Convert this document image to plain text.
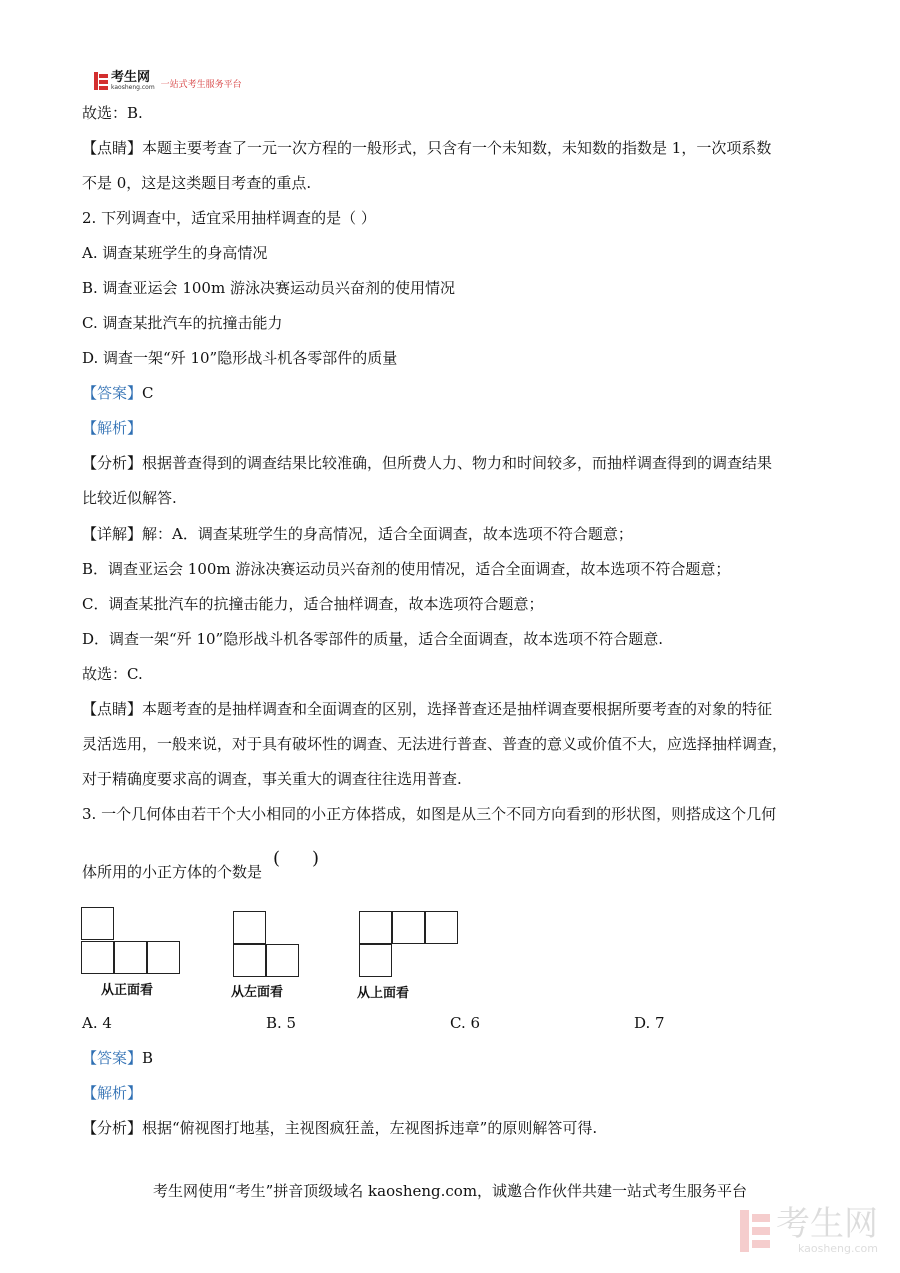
考生网
kaosheng.com 一站式考生服务平台
故选：B.
【点睛】本题主要考查了一元一次方程的一般形式，只含有一个未知数，未知数的指数是 1，一次项系数
不是 0，这是这类题目考查的重点.
2. 下列调查中，适宜采用抽样调查的是（ ）
A. 调查某班学生的身高情况
B. 调查亚运会 100m 游泳决赛运动员兴奋剂的使用情况
C. 调查某批汽车的抗撞击能力
D. 调查一架“歼 10”隐形战斗机各零部件的质量
【答案】C
【解析】
【分析】根据普查得到的调查结果比较准确，但所费人力、物力和时间较多，而抽样调查得到的调查结果
比较近似解答.
【详解】解：A．调查某班学生的身高情况，适合全面调查，故本选项不符合题意；
B．调查亚运会 100m 游泳决赛运动员兴奋剂的使用情况，适合全面调查，故本选项不符合题意；
C．调查某批汽车的抗撞击能力，适合抽样调查，故本选项符合题意；
D．调查一架“歼 10”隐形战斗机各零部件的质量，适合全面调查，故本选项不符合题意.
故选：C.
【点睛】本题考查的是抽样调查和全面调查的区别，选择普查还是抽样调查要根据所要考查的对象的特征
灵活选用，一般来说，对于具有破坏性的调查、无法进行普查、普查的意义或价值不大，应选择抽样调查，
对于精确度要求高的调查，事关重大的调查往往选用普查.
3. 一个几何体由若干个大小相同的小正方体搭成，如图是从三个不同方向看到的形状图，则搭成这个几何
体所用的小正方体的个数是
( )
从正面看	从左面看	从上面看
A. 4	B. 5	C. 6	D. 7
【答案】B
【解析】
【分析】根据“俯视图打地基，主视图疯狂盖，左视图拆违章”的原则解答可得.
考生网使用“考生”拼音顶级域名 kaosheng.com，诚邀合作伙伴共建一站式考生服务平台
考生网
kaosheng.com
